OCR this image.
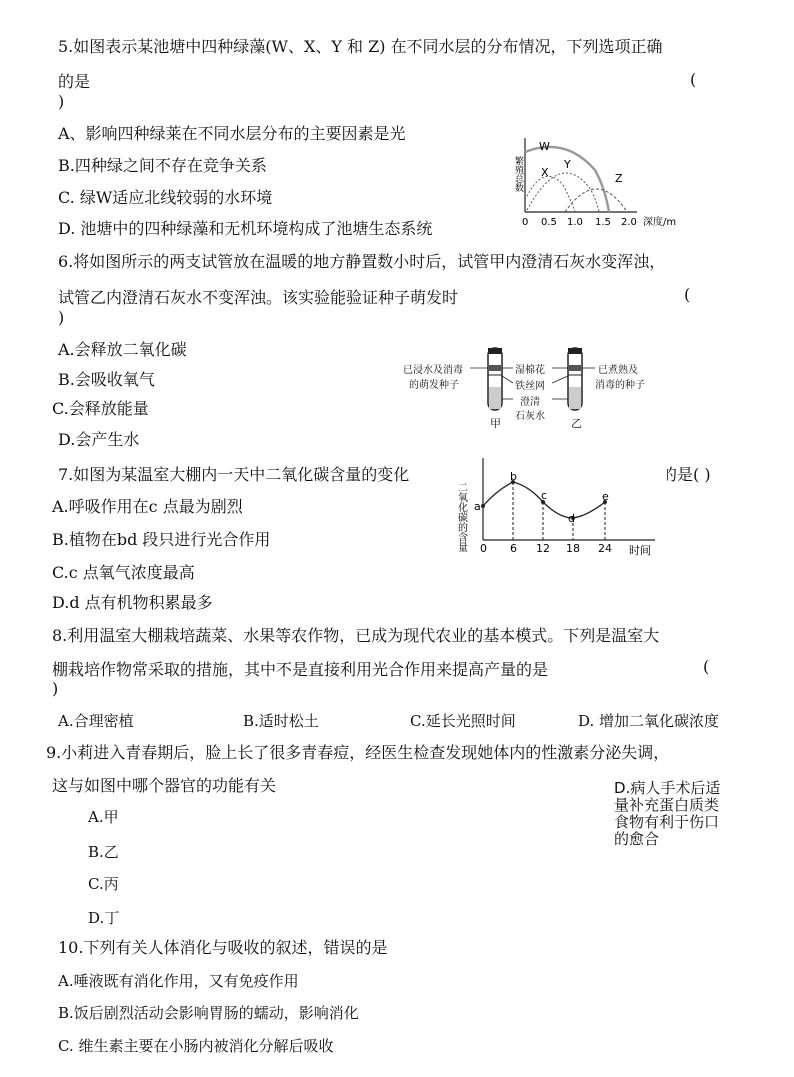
5.如图表示某池塘中四种绿藻(W、X、Y 和 Z) 在不同水层的分布情况，下列选项正确
的是	(
)
A、影响四种绿莱在不同水层分布的主要因素是光
B.四种绿之间不存在竞争关系
C. 绿W适应北线较弱的水环境
D. 池塘中的四种绿藻和无机环境构成了池塘生态系统
繁殖总数
W
X
Y
Z
0 0.5 1.0 1.5 2.0 深度/m
6.将如图所示的两支试管放在温暖的地方静置数小时后，试管甲内澄清石灰水变浑浊，
试管乙内澄清石灰水不变浑浊。该实验能验证种子萌发时	(
)
A.会释放二氧化碳
B.会吸收氧气
C.会释放能量
D.会产生水
已浸水及消毒
的萌发种子
湿棉花
铁丝网
澄清
石灰水
已煮熟及
消毒的种子
甲	乙
7.如图为某温室大棚内一天中二氧化碳含量的变化	的是( )
A.呼吸作用在c 点最为剧烈
B.植物在bd 段只进行光合作用
C.c 点氧气浓度最高
D.d 点有机物积累最多
二氧化碳的含量 a
b
c
d
e
0 6 12 18 24 时间
8.利用温室大棚栽培蔬菜、水果等农作物，已成为现代农业的基本模式。下列是温室大
棚栽培作物常采取的措施，其中不是直接利用光合作用来提高产量的是	(
)
A.合理密植	B.适时松土	C.延长光照时间	D. 增加二氧化碳浓度
9.小莉进入青春期后，脸上长了很多青春痘，经医生检查发现她体内的性激素分泌失调，
这与如图中哪个器官的功能有关
A.甲
B.乙
C.丙
D.丁
D.病人手术后适
量补充蛋白质类
食物有利于伤口
的愈合
10.下列有关人体消化与吸收的叙述，错误的是
A.唾液既有消化作用，又有免疫作用
B.饭后剧烈活动会影响胃肠的蠕动，影响消化
C. 维生素主要在小肠内被消化分解后吸收
